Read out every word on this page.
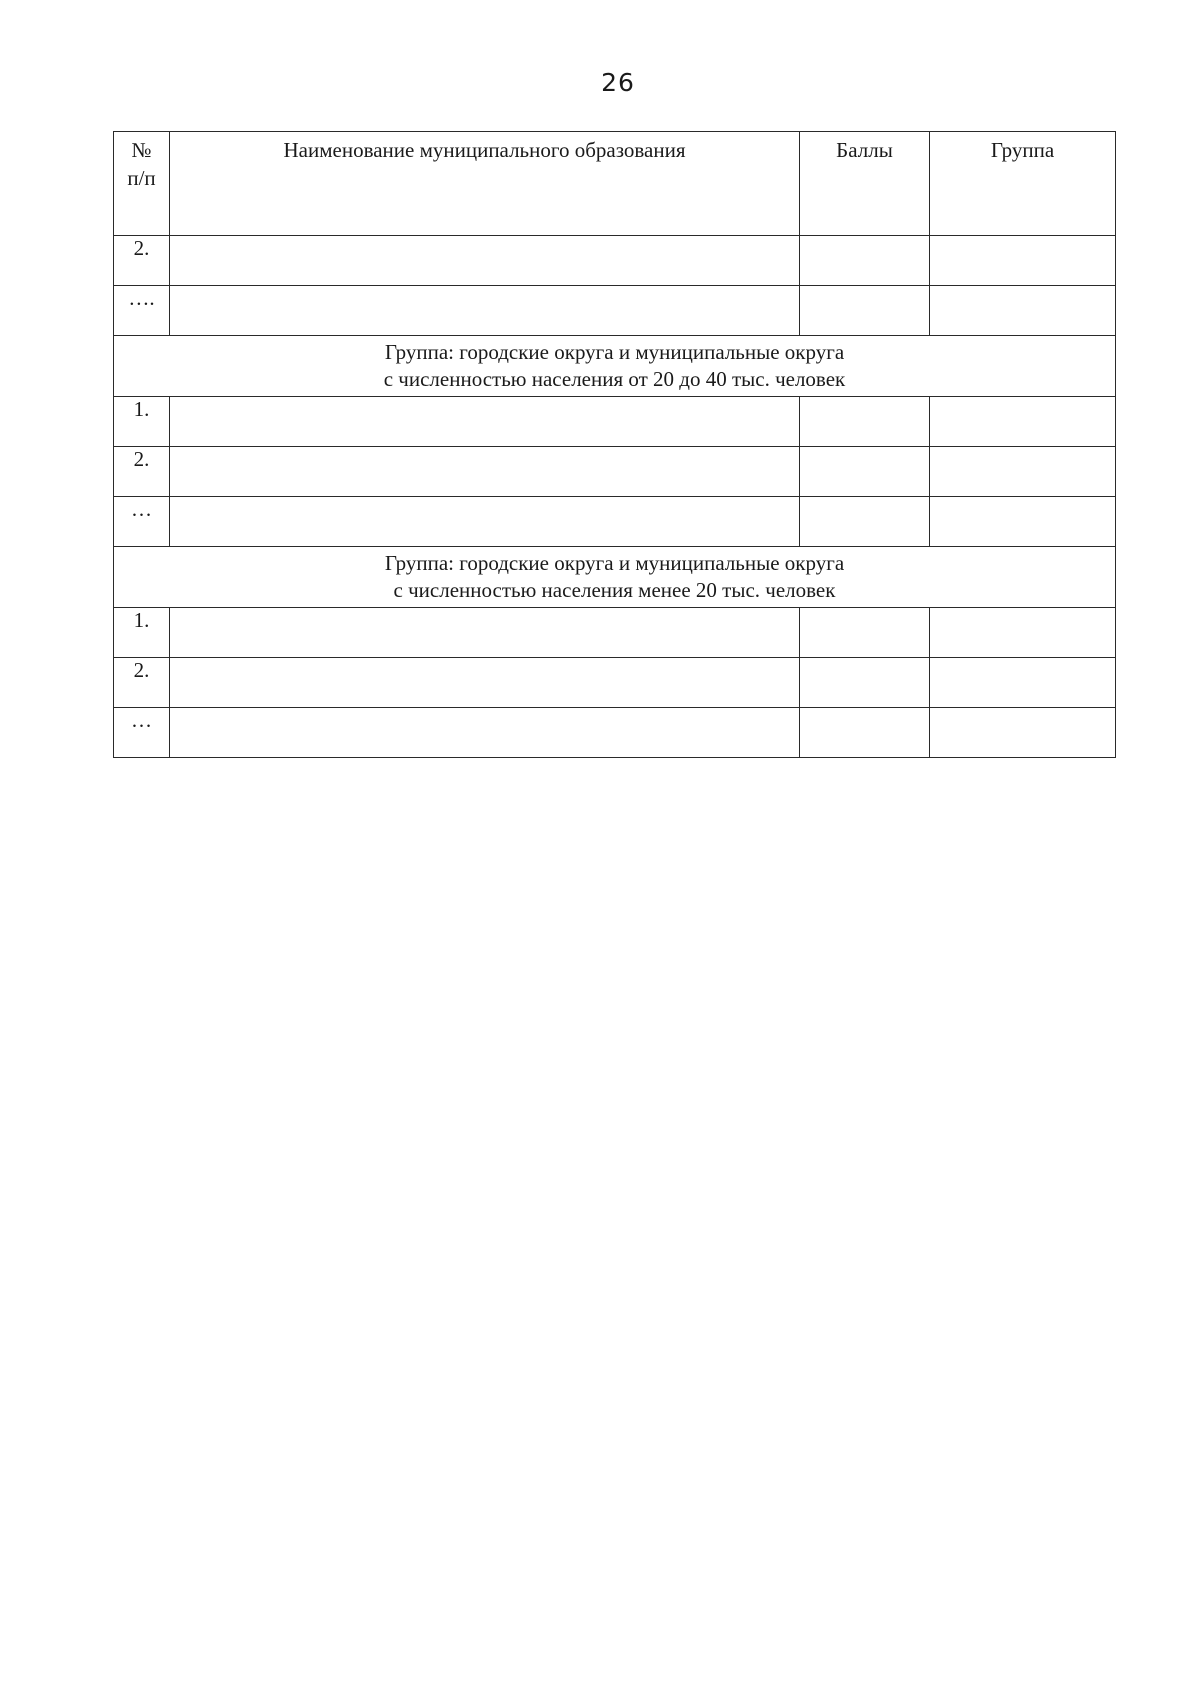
26
№
п/п	Наименование муниципального образования	Баллы	Группа
2.			
….			

Группа: городские округа и муниципальные округа
с численностью населения от 20 до 40 тыс. человек			

1.			
2.			
…			

Группа: городские округа и муниципальные округа
с численностью населения менее 20 тыс. человек			

1.			
2.			
…			
